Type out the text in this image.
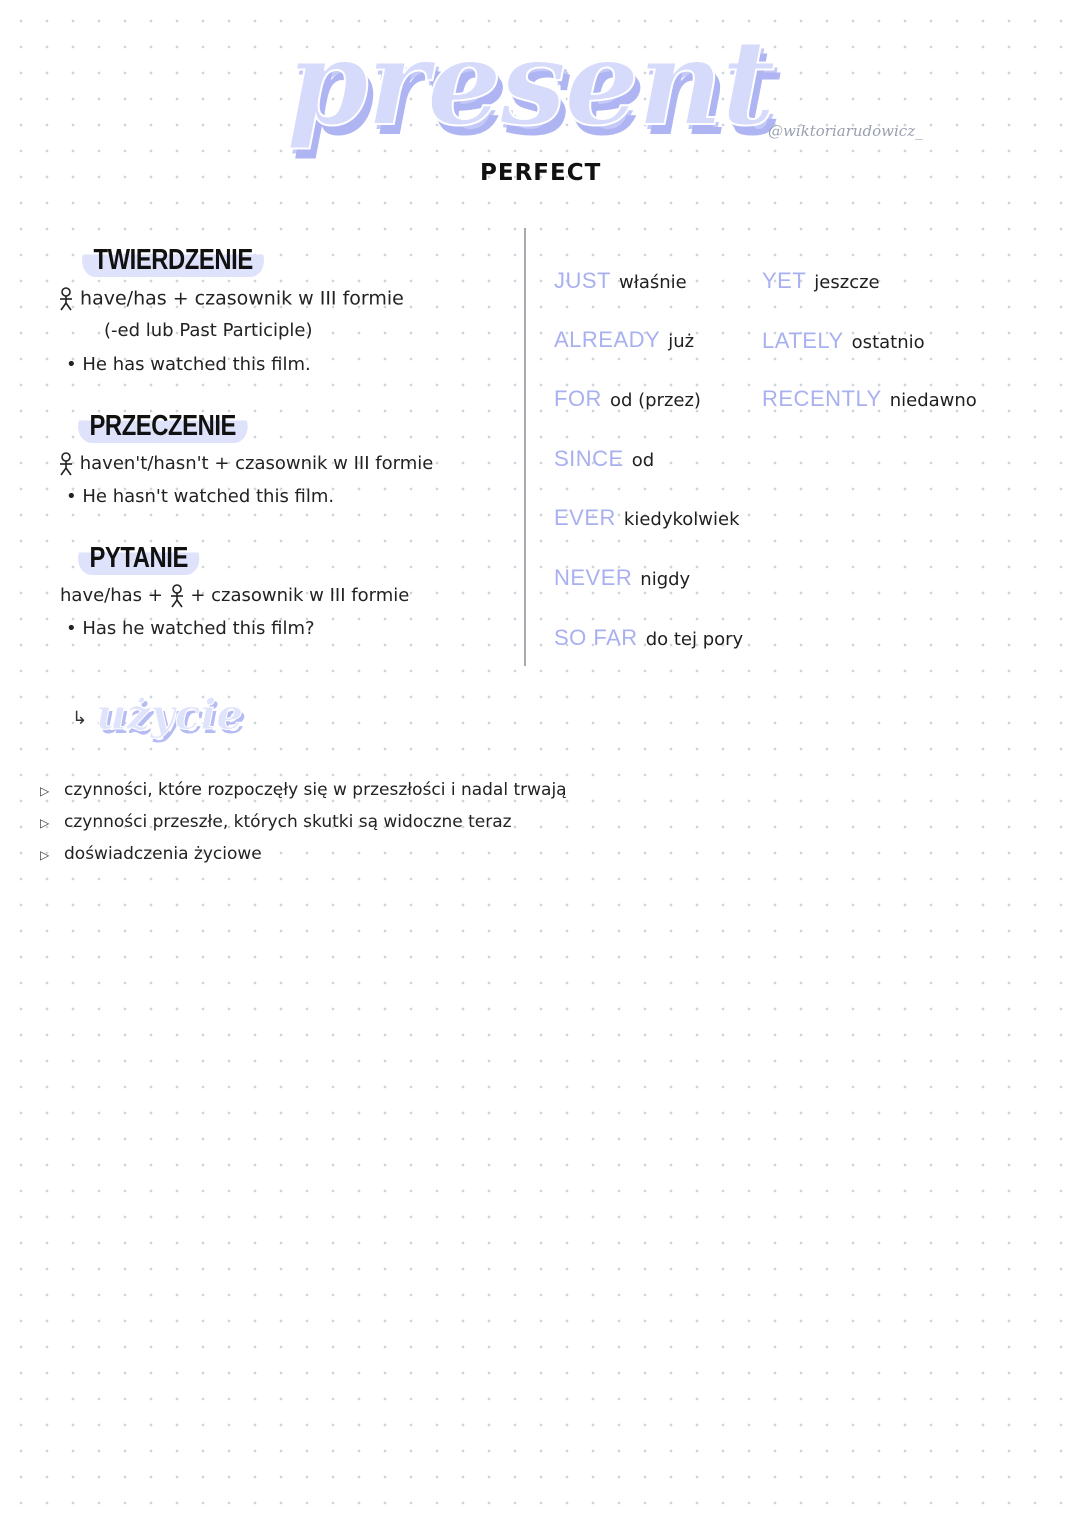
present
@wiktoriarudowicz_
PERFECT
TWIERDZENIE
have/has + czasownik w III formie
(-ed lub Past Participle)
• He has watched this film.
PRZECZENIE
haven't/hasn't + czasownik w III formie
• He hasn't watched this film.
PYTANIE
have/has + + czasownik w III formie
• Has he watched this film?
JUST właśnie
ALREADY już
FOR od (przez)
SINCE od
EVER kiedykolwiek
NEVER nigdy
SO FAR do tej pory
YET jeszcze
LATELY ostatnio
RECENTLY niedawno
↳ użycie
▷ czynności, które rozpoczęły się w przeszłości i nadal trwają
▷ czynności przeszłe, których skutki są widoczne teraz
▷ doświadczenia życiowe
